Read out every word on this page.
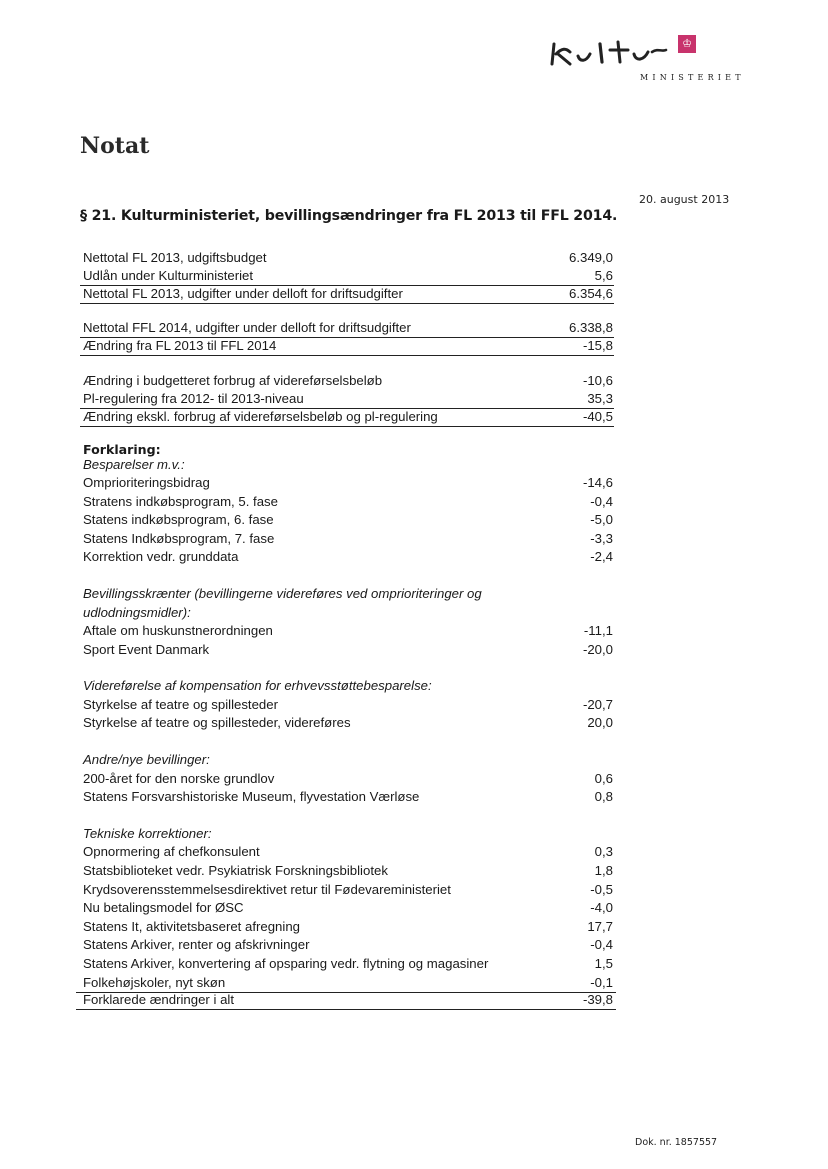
♔
MINISTERIET
Notat
20. august 2013
§ 21. Kulturministeriet, bevillingsændringer fra FL 2013 til FFL 2014.
Nettotal FL 2013, udgiftsbudget	6.349,0
Udlån under Kulturministeriet	5,6
Nettotal FL 2013, udgifter under delloft for driftsudgifter	6.354,6
Nettotal FFL 2014, udgifter under delloft for driftsudgifter	6.338,8
Ændring fra FL 2013 til FFL 2014	-15,8
Ændring i budgetteret forbrug af videreførselsbeløb	-10,6
Pl-regulering fra 2012- til 2013-niveau	35,3
Ændring ekskl. forbrug af videreførselsbeløb og pl-regulering	-40,5
Forklaring:
Besparelser m.v.:
Omprioriteringsbidrag	-14,6
Stratens indkøbsprogram, 5. fase	-0,4
Statens indkøbsprogram, 6. fase	-5,0
Statens Indkøbsprogram, 7. fase	-3,3
Korrektion vedr. grunddata	-2,4
Bevillingsskrænter (bevillingerne videreføres ved omprioriteringer og
udlodningsmidler):
Aftale om huskunstnerordningen	-11,1
Sport Event Danmark	-20,0
Videreførelse af kompensation for erhvevsstøttebesparelse:
Styrkelse af teatre og spillesteder	-20,7
Styrkelse af teatre og spillesteder, videreføres	20,0
Andre/nye bevillinger:
200-året for den norske grundlov	0,6
Statens Forsvarshistoriske Museum, flyvestation Værløse	0,8
Tekniske korrektioner:
Opnormering af chefkonsulent	0,3
Statsbiblioteket vedr. Psykiatrisk Forskningsbibliotek	1,8
Krydsoverensstemmelsesdirektivet retur til Fødevareministeriet	-0,5
Nu betalingsmodel for ØSC	-4,0
Statens It, aktivitetsbaseret afregning	17,7
Statens Arkiver, renter og afskrivninger	-0,4
Statens Arkiver, konvertering af opsparing vedr. flytning og magasiner	1,5
Folkehøjskoler, nyt skøn	-0,1
Forklarede ændringer i alt	-39,8
Dok. nr. 1857557
